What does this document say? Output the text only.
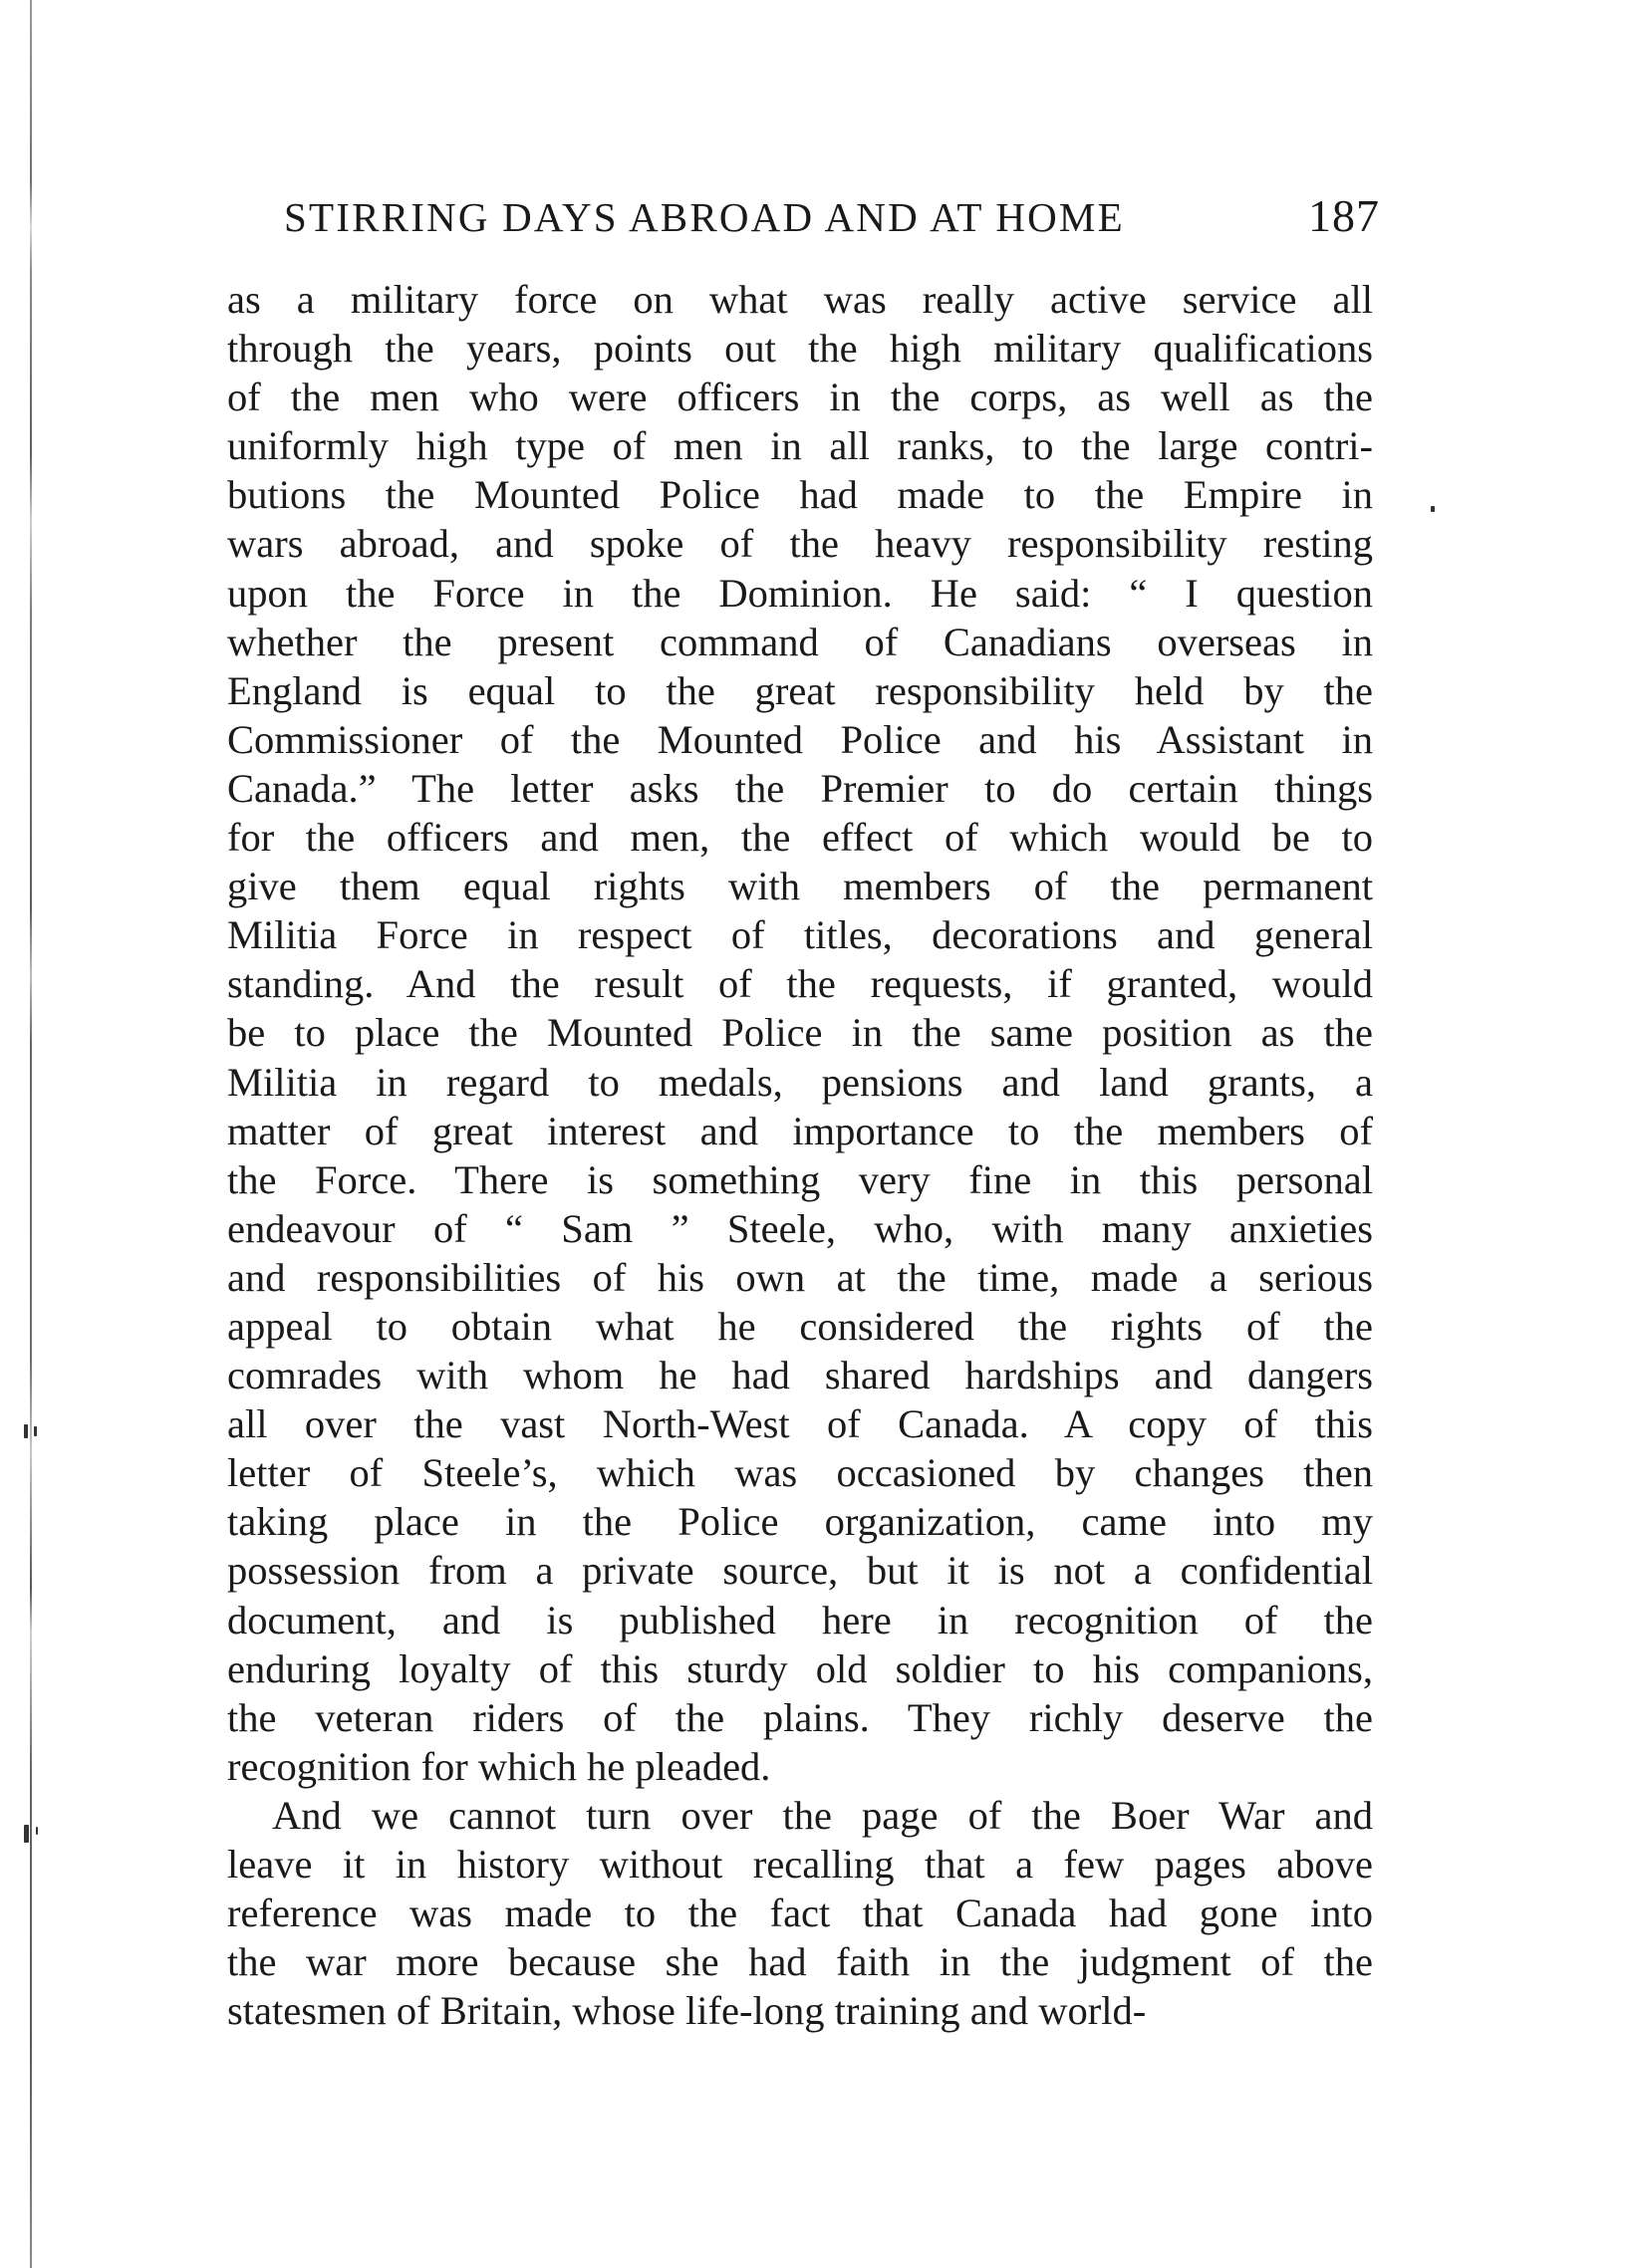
STIRRING DAYS ABROAD AND AT HOME	187
as a military force on what was really active service all
through the years, points out the high military qualifications
of the men who were officers in the corps, as well as the
uniformly high type of men in all ranks, to the large contri-
butions the Mounted Police had made to the Empire in
wars abroad, and spoke of the heavy responsibility resting
upon the Force in the Dominion. He said: “ I question
whether the present command of Canadians overseas in
England is equal to the great responsibility held by the
Commissioner of the Mounted Police and his Assistant in
Canada.” The letter asks the Premier to do certain things
for the officers and men, the effect of which would be to
give them equal rights with members of the permanent
Militia Force in respect of titles, decorations and general
standing. And the result of the requests, if granted, would
be to place the Mounted Police in the same position as the
Militia in regard to medals, pensions and land grants, a
matter of great interest and importance to the members of
the Force. There is something very fine in this personal
endeavour of “ Sam ” Steele, who, with many anxieties
and responsibilities of his own at the time, made a serious
appeal to obtain what he considered the rights of the
comrades with whom he had shared hardships and dangers
all over the vast North-West of Canada. A copy of this
letter of Steele’s, which was occasioned by changes then
taking place in the Police organization, came into my
possession from a private source, but it is not a confidential
document, and is published here in recognition of the
enduring loyalty of this sturdy old soldier to his companions,
the veteran riders of the plains. They richly deserve the
recognition for which he pleaded.
And we cannot turn over the page of the Boer War and
leave it in history without recalling that a few pages above
reference was made to the fact that Canada had gone into
the war more because she had faith in the judgment of the
statesmen of Britain, whose life-long training and world-
